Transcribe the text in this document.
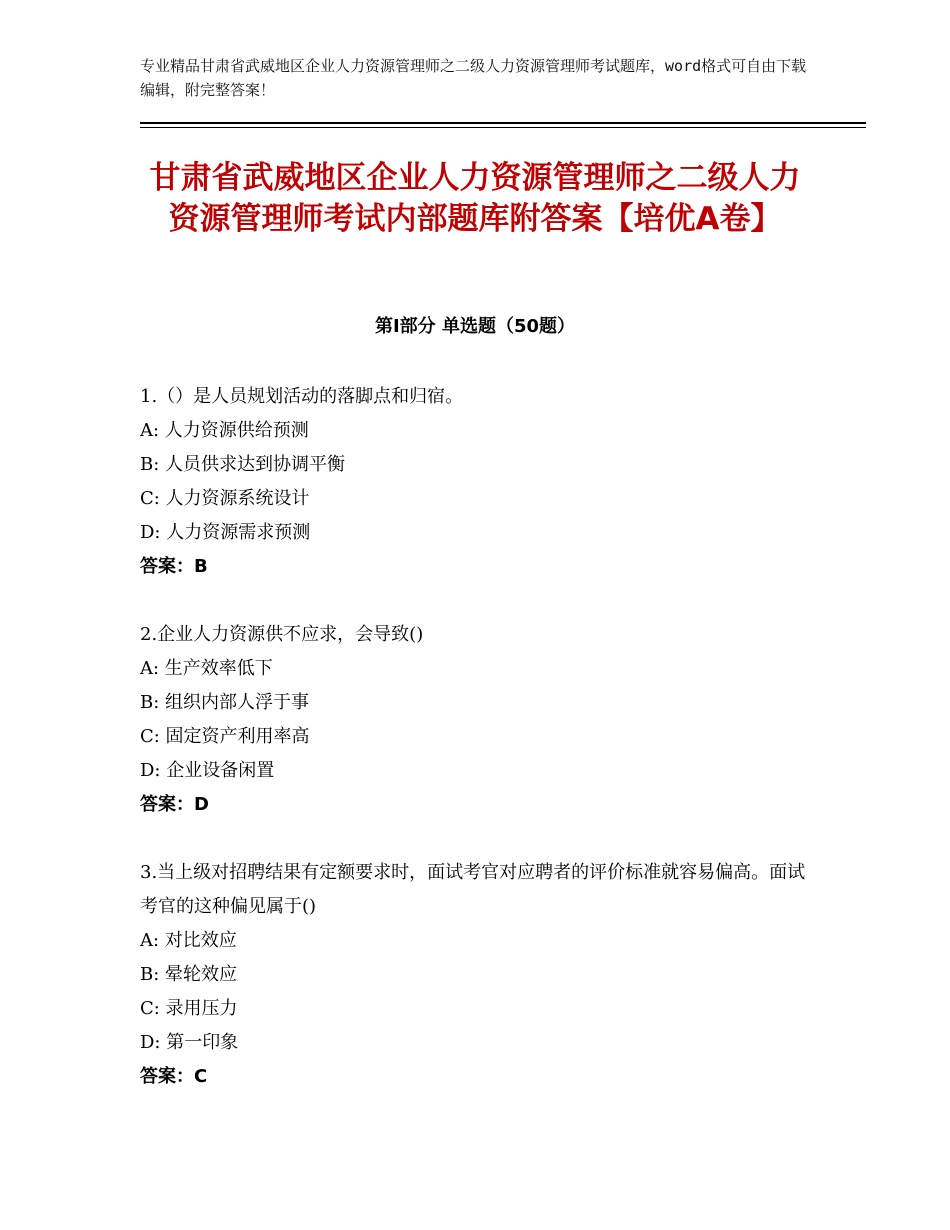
专业精品甘肃省武威地区企业人力资源管理师之二级人力资源管理师考试题库，word格式可自由下载编辑，附完整答案！
甘肃省武威地区企业人力资源管理师之二级人力资源管理师考试内部题库附答案【培优A卷】
第Ⅰ部分 单选题（50题）

1.（）是人员规划活动的落脚点和归宿。

A: 人力资源供给预测

B: 人员供求达到协调平衡

C: 人力资源系统设计

D: 人力资源需求预测

答案：B

2.企业人力资源供不应求，会导致()

A: 生产效率低下

B: 组织内部人浮于事

C: 固定资产利用率高

D: 企业设备闲置

答案：D

3.当上级对招聘结果有定额要求时，面试考官对应聘者的评价标准就容易偏高。面试考官的这种偏见属于()

A: 对比效应

B: 晕轮效应

C: 录用压力

D: 第一印象

答案：C
